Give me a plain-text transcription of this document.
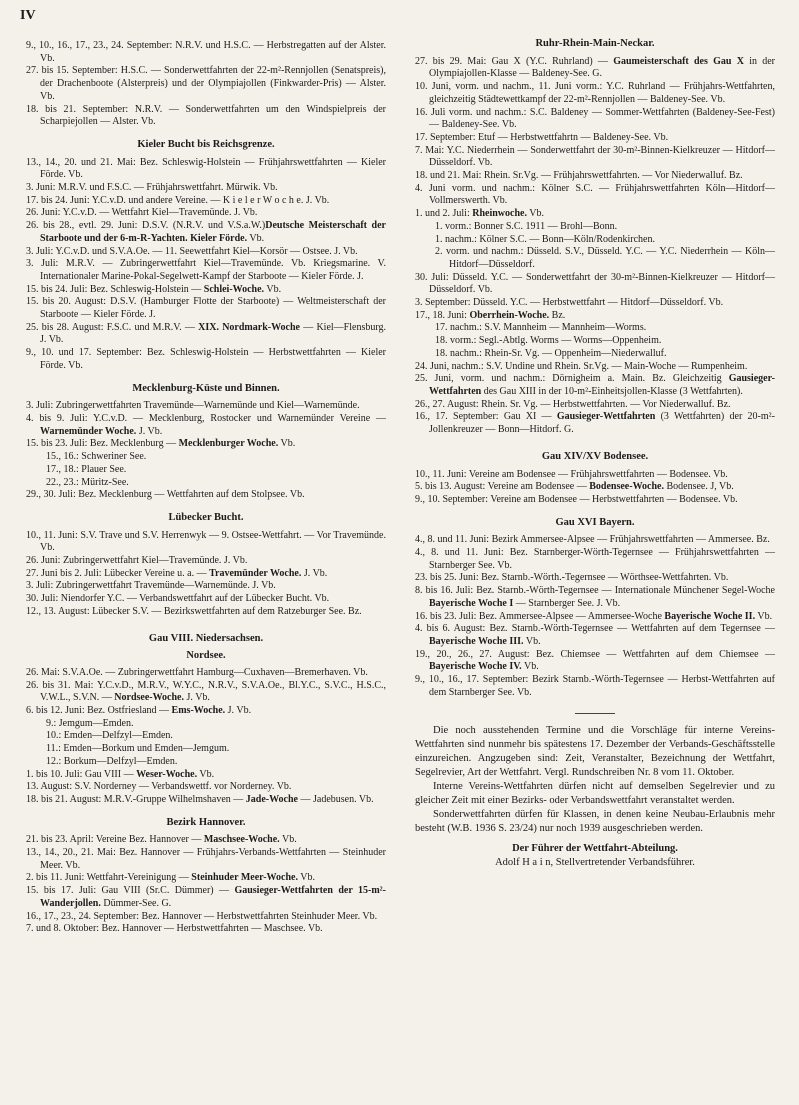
IV

9., 10., 16., 17., 23., 24. September: N.R.V. und H.S.C. — Herbstregatten auf der Alster. Vb.

27. bis 15. September: H.S.C. — Sonderwettfahrten der 22-m²-Rennjollen (Senatspreis), der Drachenboote (Alsterpreis) und der Olympiajollen (Finkwarder-Pris) — Alster. Vb.

18. bis 21. September: N.R.V. — Sonderwettfahrten um den Windspielpreis der Scharpiejollen — Alster. Vb.

Kieler Bucht bis Reichsgrenze.

13., 14., 20. und 21. Mai: Bez. Schleswig-Holstein — Frühjahrswettfahrten — Kieler Förde. Vb.

3. Juni: M.R.V. und F.S.C. — Frühjahrswettfahrt. Mürwik. Vb.

17. bis 24. Juni: Y.C.v.D. und andere Vereine. — K i e l e r W o c h e. J. Vb.

26. Juni: Y.C.v.D. — Wettfahrt Kiel—Travemünde. J. Vb.

26. bis 28., evtl. 29. Juni: D.S.V. (N.R.V. und V.S.a.W.)Deutsche Meisterschaft der Starboote und der 6-m-R-Yachten. Kieler Förde. Vb.

3. Juli: Y.C.v.D. und S.V.A.Oe. — 11. Seewettfahrt Kiel—Korsör — Ostsee. J. Vb.

3. Juli: M.R.V. — Zubringerwettfahrt Kiel—Travemünde. Vb. Kriegsmarine. V. Internationaler Marine-Pokal-Segelwett-Kampf der Starboote — Kieler Förde. J.

15. bis 24. Juli: Bez. Schleswig-Holstein — Schlei-Woche. Vb.

15. bis 20. August: D.S.V. (Hamburger Flotte der Starboote) — Weltmeisterschaft der Starboote — Kieler Förde. J.

25. bis 28. August: F.S.C. und M.R.V. — XIX. Nordmark-Woche — Kiel—Flensburg. J. Vb.

9., 10. und 17. September: Bez. Schleswig-Holstein — Herbstwettfahrten — Kieler Förde. Vb.

Mecklenburg-Küste und Binnen.

3. Juli: Zubringerwettfahrten Travemünde—Warnemünde und Kiel—Warnemünde.

4. bis 9. Juli: Y.C.v.D. — Mecklenburg, Rostocker und Warnemünder Vereine — Warnemünder Woche. J. Vb.

15. bis 23. Juli: Bez. Mecklenburg — Mecklenburger Woche. Vb.

15., 16.: Schweriner See.

17., 18.: Plauer See.

22., 23.: Müritz-See.

29., 30. Juli: Bez. Mecklenburg — Wettfahrten auf dem Stolpsee. Vb.

Lübecker Bucht.

10., 11. Juni: S.V. Trave und S.V. Herrenwyk — 9. Ostsee-Wettfahrt. — Vor Travemünde. Vb.

26. Juni: Zubringerwettfahrt Kiel—Travemünde. J. Vb.

27. Juni bis 2. Juli: Lübecker Vereine u. a. — Travemünder Woche. J. Vb.

3. Juli: Zubringerwettfahrt Travemünde—Warnemünde. J. Vb.

30. Juli: Niendorfer Y.C. — Verbandswettfahrt auf der Lübecker Bucht. Vb.

12., 13. August: Lübecker S.V. — Bezirkswettfahrten auf dem Ratzeburger See. Bz.

Gau VIII. Niedersachsen.
Nordsee.

26. Mai: S.V.A.Oe. — Zubringerwettfahrt Hamburg—Cuxhaven—Bremerhaven. Vb.

26. bis 31. Mai: Y.C.v.D., M.R.V., W.Y.C., N.R.V., S.V.A.Oe., Bl.Y.C., S.V.C., H.S.C., V.W.L., S.V.N. — Nordsee-Woche. J. Vb.

6. bis 12. Juni: Bez. Ostfriesland — Ems-Woche. J. Vb.

9.: Jemgum—Emden.

10.: Emden—Delfzyl—Emden.

11.: Emden—Borkum und Emden—Jemgum.

12.: Borkum—Delfzyl—Emden.

1. bis 10. Juli: Gau VIII — Weser-Woche. Vb.

13. August: S.V. Norderney — Verbandswettf. vor Norderney. Vb.

18. bis 21. August: M.R.V.-Gruppe Wilhelmshaven — Jade-Woche — Jadebusen. Vb.

Bezirk Hannover.

21. bis 23. April: Vereine Bez. Hannover — Maschsee-Woche. Vb.

13., 14., 20., 21. Mai: Bez. Hannover — Frühjahrs-Verbands-Wettfahrten — Steinhuder Meer. Vb.

2. bis 11. Juni: Wettfahrt-Vereinigung — Steinhuder Meer-Woche. Vb.

15. bis 17. Juli: Gau VIII (Sr.C. Dümmer) — Gausieger-Wettfahrten der 15-m²-Wanderjollen. Dümmer-See. G.

16., 17., 23., 24. September: Bez. Hannover — Herbstwettfahrten Steinhuder Meer. Vb.

7. und 8. Oktober: Bez. Hannover — Herbstwettfahrten — Maschsee. Vb.

Ruhr-Rhein-Main-Neckar.

27. bis 29. Mai: Gau X (Y.C. Ruhrland) — Gaumeisterschaft des Gau X in der Olympiajollen-Klasse — Baldeney-See. G.

10. Juni, vorm. und nachm., 11. Juni vorm.: Y.C. Ruhrland — Frühjahrs-Wettfahrten, gleichzeitig Städtewettkampf der 22-m²-Rennjollen — Baldeney-See. Vb.

16. Juli vorm. und nachm.: S.C. Baldeney — Sommer-Wettfahrten (Baldeney-See-Fest) — Baldeney-See. Vb.

17. September: Etuf — Herbstwettfahrtn — Baldeney-See. Vb.

7. Mai: Y.C. Niederrhein — Sonderwettfahrt der 30-m²-Binnen-Kielkreuzer — Hitdorf—Düsseldorf. Vb.

18. und 21. Mai: Rhein. Sr.Vg. — Frühjahrswettfahrten. — Vor Niederwalluf. Bz.

4. Juni vorm. und nachm.: Kölner S.C. — Frühjahrswettfahrten Köln—Hitdorf—Vollmerswerth. Vb.

1. und 2. Juli: Rheinwoche. Vb.

1. vorm.: Bonner S.C. 1911 — Brohl—Bonn.

1. nachm.: Kölner S.C. — Bonn—Köln/Rodenkirchen.

2. vorm. und nachm.: Düsseld. S.V., Düsseld. Y.C. — Y.C. Niederrhein — Köln—Hitdorf—Düsseldorf.

30. Juli: Düsseld. Y.C. — Sonderwettfahrt der 30-m²-Binnen-Kielkreuzer — Hitdorf—Düsseldorf. Vb.

3. September: Düsseld. Y.C. — Herbstwettfahrt — Hitdorf—Düsseldorf. Vb.

17., 18. Juni: Oberrhein-Woche. Bz.

17. nachm.: S.V. Mannheim — Mannheim—Worms.

18. vorm.: Segl.-Abtlg. Worms — Worms—Oppenheim.

18. nachm.: Rhein-Sr. Vg. — Oppenheim—Niederwalluf.

24. Juni, nachm.: S.V. Undine und Rhein. Sr.Vg. — Main-Woche — Rumpenheim.

25. Juni, vorm. und nachm.: Dörnigheim a. Main. Bz. Gleichzeitig Gausieger-Wettfahrten des Gau XIII in der 10-m²-Einheitsjollen-Klasse (3 Wettfahrten).

26., 27. August: Rhein. Sr. Vg. — Herbstwettfahrten. — Vor Niederwalluf. Bz.

16., 17. September: Gau XI — Gausieger-Wettfahrten (3 Wettfahrten) der 20-m²-Jollenkreuzer — Bonn—Hitdorf. G.

Gau XIV/XV Bodensee.

10., 11. Juni: Vereine am Bodensee — Frühjahrswettfahrten — Bodensee. Vb.

5. bis 13. August: Vereine am Bodensee — Bodensee-Woche. Bodensee. J, Vb.

9., 10. September: Vereine am Bodensee — Herbstwettfahrten — Bodensee. Vb.

Gau XVI Bayern.

4., 8. und 11. Juni: Bezirk Ammersee-Alpsee — Frühjahrswettfahrten — Ammersee. Bz.

4., 8. und 11. Juni: Bez. Starnberger-Wörth-Tegernsee — Frühjahrswettfahrten — Starnberger See. Vb.

23. bis 25. Juni: Bez. Starnb.-Wörth.-Tegernsee — Wörthsee-Wettfahrten. Vb.

8. bis 16. Juli: Bez. Starnb.-Wörth-Tegernsee — Internationale Münchener Segel-Woche Bayerische Woche I — Starnberger See. J. Vb.

16. bis 23. Juli: Bez. Ammersee-Alpsee — Ammersee-Woche Bayerische Woche II. Vb.

4. bis 6. August: Bez. Starnb.-Wörth-Tegernsee — Wettfahrten auf dem Tegernsee — Bayerische Woche III. Vb.

19., 20., 26., 27. August: Bez. Chiemsee — Wettfahrten auf dem Chiemsee — Bayerische Woche IV. Vb.

9., 10., 16., 17. September: Bezirk Starnb.-Wörth-Tegernsee — Herbst-Wettfahrten auf dem Starnberger See. Vb.

Die noch ausstehenden Termine und die Vorschläge für interne Vereins-Wettfahrten sind nunmehr bis spätestens 17. Dezember der Verbands-Geschäftsstelle einzureichen. Angzugeben sind: Zeit, Veranstalter, Bezeichnung der Wettfahrt, Segelrevier, Art der Wettfahrt. Vergl. Rundschreiben Nr. 8 vom 11. Oktober.

Interne Vereins-Wettfahrten dürfen nicht auf demselben Segelrevier und zu gleicher Zeit mit einer Bezirks- oder Verbandswettfahrt veranstaltet werden.

Sonderwettfahrten dürfen für Klassen, in denen keine Neubau-Erlaubnis mehr besteht (W.B. 1936 S. 23/24) nur noch 1939 ausgeschrieben werden.

Der Führer der Wettfahrt-Abteilung.
Adolf H a i n, Stellvertretender Verbandsführer.
